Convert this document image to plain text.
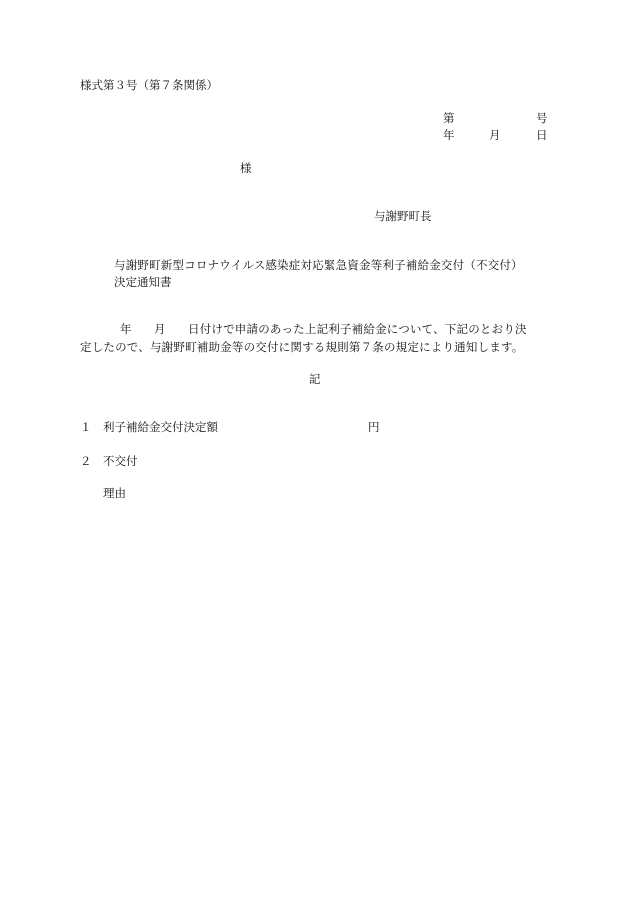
様式第３号（第７条関係）
第	号
年	月	日
様
与謝野町長
与謝野町新型コロナウイルス感染症対応緊急資金等利子補給金交付（不交付）
決定通知書
年 月 日付けで申請のあった上記利子補給金について、下記のとおり決
定したので、与謝野町補助金等の交付に関する規則第７条の規定により通知します。
記
１ 利子補給金交付決定額	円
２ 不交付
理由
